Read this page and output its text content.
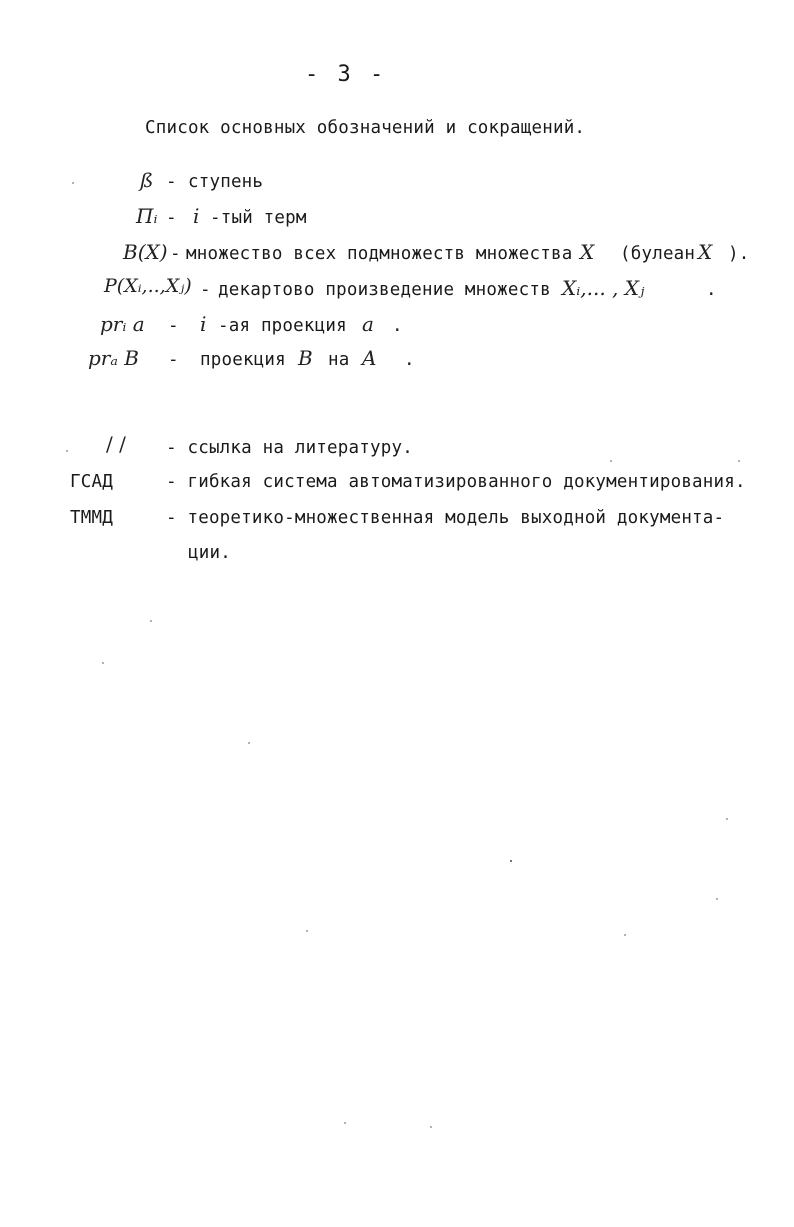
- 3 -
Список основных обозначений и сокращений.
ß - ступень
Пᵢ - i -тый терм
B(X) - множество всех подмножеств множества X (булеан X ).
P(Xᵢ,..,Xⱼ) - декартово произведение множеств Xᵢ,... , Xⱼ	.
prᵢ a - i -ая проекция a .
prₐ B - проекция B на A .
/ / - ссылка на литературу.
ГСАД	- гибкая система автоматизированного документирования.
ТММД	- теоретико-множественная модель выходной документа-
ции.
